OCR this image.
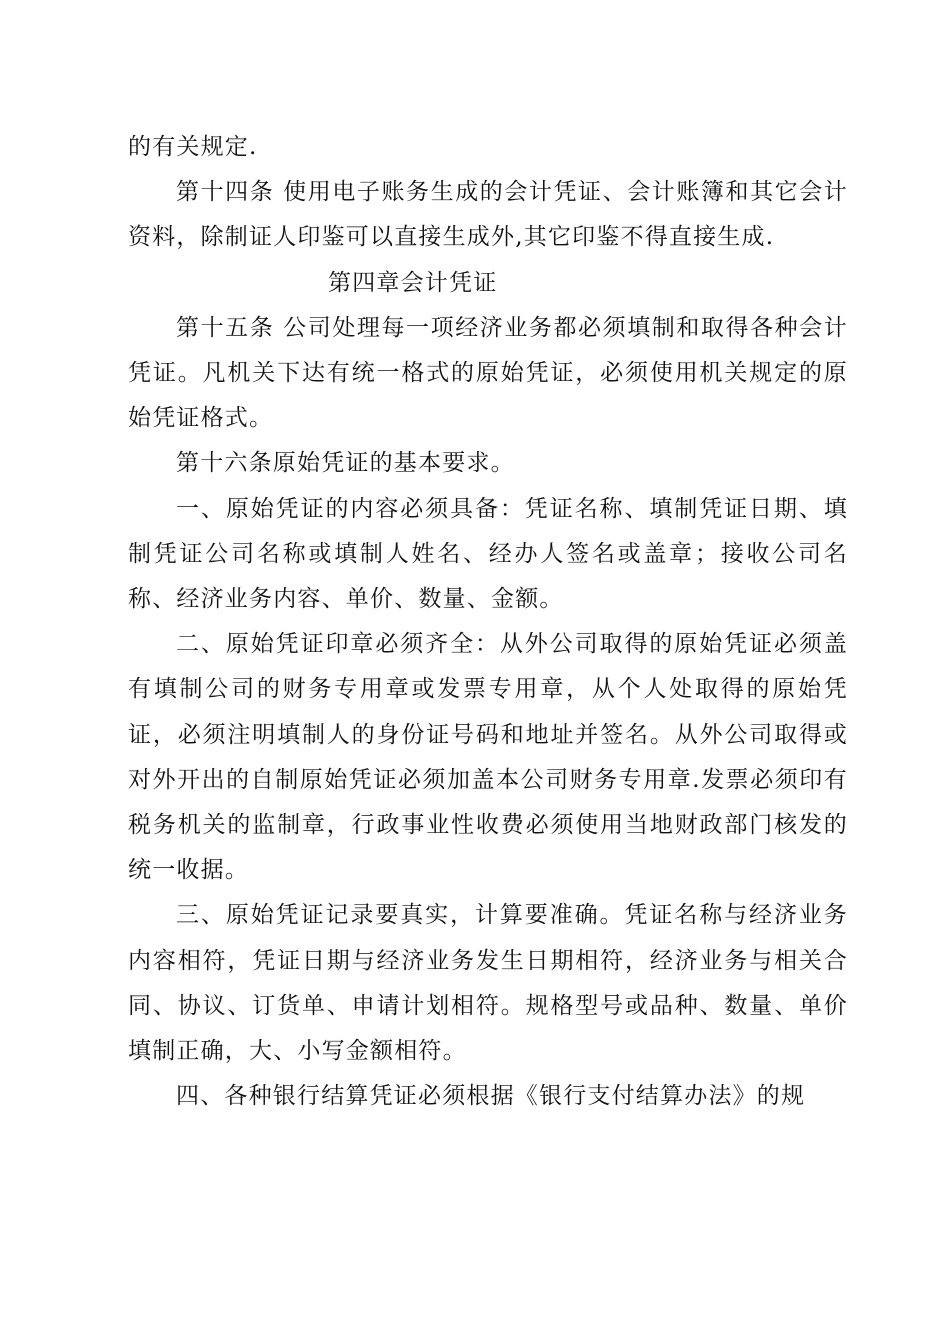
的有关规定.

第十四条 使用电子账务生成的会计凭证、会计账簿和其它会计资料，除制证人印鉴可以直接生成外,其它印鉴不得直接生成.

第四章会计凭证

第十五条 公司处理每一项经济业务都必须填制和取得各种会计凭证。凡机关下达有统一格式的原始凭证，必须使用机关规定的原始凭证格式。

第十六条原始凭证的基本要求。

一、原始凭证的内容必须具备：凭证名称、填制凭证日期、填制凭证公司名称或填制人姓名、经办人签名或盖章；接收公司名称、经济业务内容、单价、数量、金额。

二、原始凭证印章必须齐全：从外公司取得的原始凭证必须盖有填制公司的财务专用章或发票专用章，从个人处取得的原始凭证，必须注明填制人的身份证号码和地址并签名。从外公司取得或对外开出的自制原始凭证必须加盖本公司财务专用章.发票必须印有税务机关的监制章，行政事业性收费必须使用当地财政部门核发的统一收据。

三、原始凭证记录要真实，计算要准确。凭证名称与经济业务内容相符，凭证日期与经济业务发生日期相符，经济业务与相关合同、协议、订货单、申请计划相符。规格型号或品种、数量、单价填制正确，大、小写金额相符。

四、各种银行结算凭证必须根据《银行支付结算办法》的规
